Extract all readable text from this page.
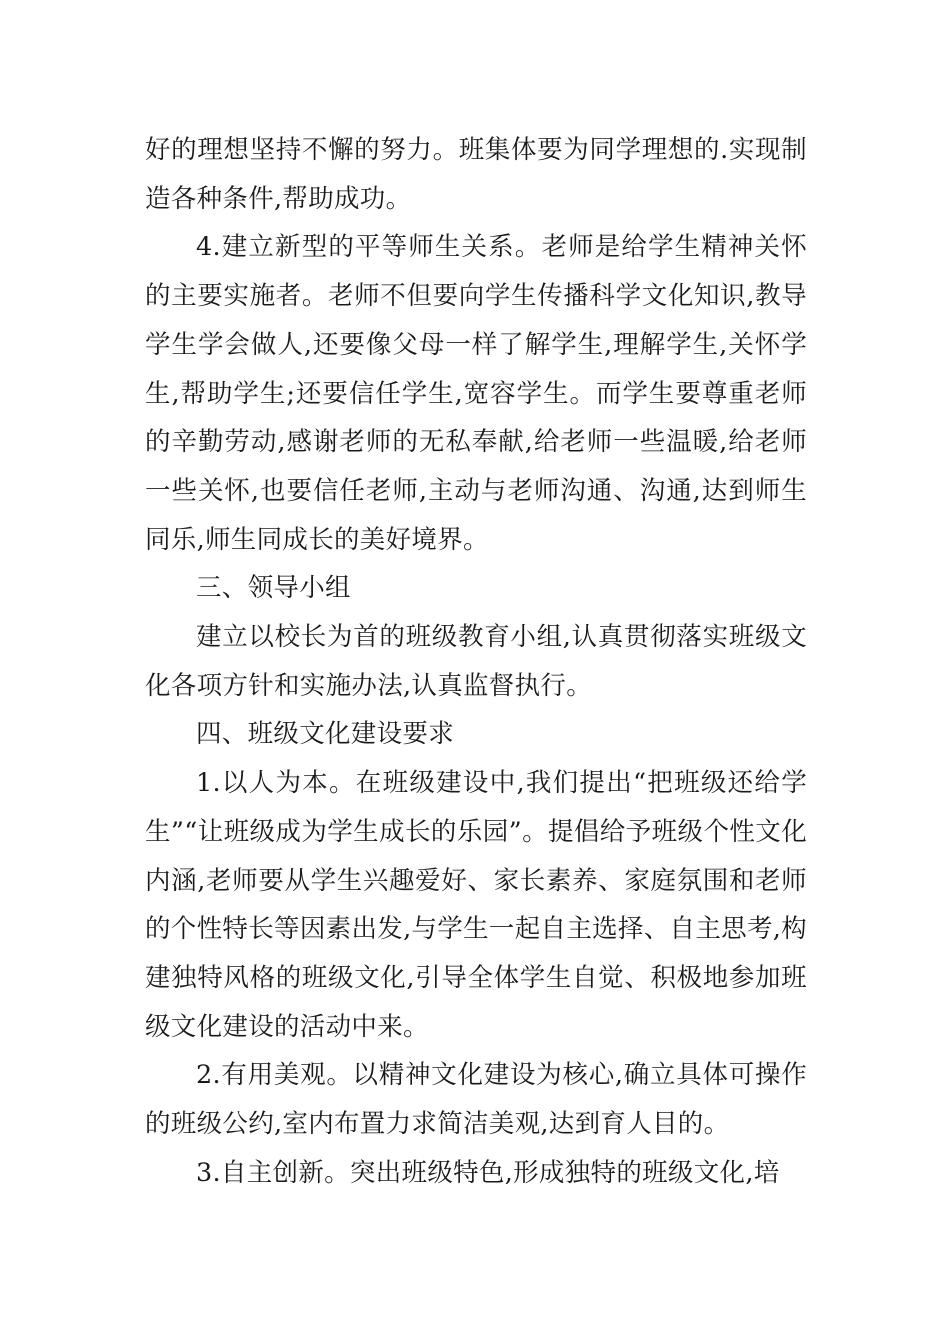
好的理想坚持不懈的努力。班集体要为同学理想的.实现制造各种条件,帮助成功。

4.建立新型的平等师生关系。老师是给学生精神关怀的主要实施者。老师不但要向学生传播科学文化知识,教导学生学会做人,还要像父母一样了解学生,理解学生,关怀学生,帮助学生;还要信任学生,宽容学生。而学生要尊重老师的辛勤劳动,感谢老师的无私奉献,给老师一些温暖,给老师一些关怀,也要信任老师,主动与老师沟通、沟通,达到师生同乐,师生同成长的美好境界。

三、领导小组

建立以校长为首的班级教育小组,认真贯彻落实班级文化各项方针和实施办法,认真监督执行。

四、班级文化建设要求

1.以人为本。在班级建设中,我们提出“把班级还给学生”“让班级成为学生成长的乐园”。提倡给予班级个性文化内涵,老师要从学生兴趣爱好、家长素养、家庭氛围和老师的个性特长等因素出发,与学生一起自主选择、自主思考,构建独特风格的班级文化,引导全体学生自觉、积极地参加班级文化建设的活动中来。

2.有用美观。以精神文化建设为核心,确立具体可操作的班级公约,室内布置力求简洁美观,达到育人目的。

3.自主创新。突出班级特色,形成独特的班级文化,培
